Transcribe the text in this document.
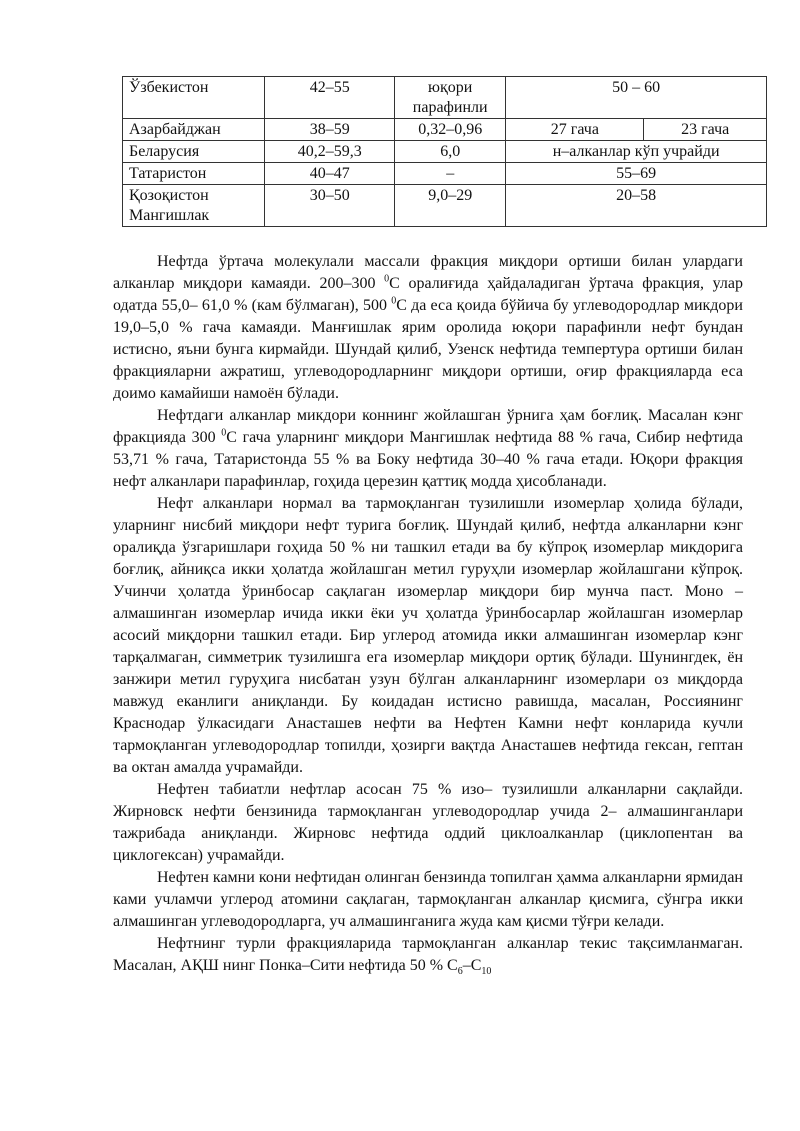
Ўзбекистон	42–55	юқори парафинли	50 – 60	
Азарбайджан	38–59	0,32–0,96	27 гача	23 гача
Беларусия	40,2–59,3	6,0	н–алканлар кўп учрайди	
Татаристон	40–47	–	55–69	
Қозоқистон Мангишлак	30–50	9,0–29	20–58	

Нефтда ўртача молекулали массали фракция миқдори ортиши билан улардаги алканлар миқдори камаяди. 200–300 $^0$С оралиғида ҳайдаладиган ўртача фракция, улар одатда 55,0– 61,0 % (кам бўлмаган), 500 $^0$С да еса қоида бўйича бу углеводородлар микдори 19,0–5,0 % гача камаяди. Манғишлак ярим оролида юқори парафинли нефт бундан истисно, яъни бунга кирмайди. Шундай қилиб, Узенск нефтида темпертура ортиши билан фракцияларни ажратиш, углеводородларнинг миқдори ортиши, оғир фракцияларда еса доимо камайиши намоён бўлади.

Нефтдаги алканлар микдори коннинг жойлашган ўрнига ҳам боғлиқ. Масалан кэнг фракцияда 300 $^0$С гача уларнинг миқдори Мангишлак нефтида 88 % гача, Сибир нефтида 53,71 % гача, Татаристонда 55 % ва Боку нефтида 30–40 % гача етади. Юқори фракция нефт алканлари парафинлар, гоҳида церезин қаттиқ модда ҳисобланади.

Нефт алканлари нормал ва тармоқланган тузилишли изомерлар ҳолида бўлади, уларнинг нисбий миқдори нефт турига боғлиқ. Шундай қилиб, нефтда алканларни кэнг оралиқда ўзгаришлари гоҳида 50 % ни ташкил етади ва бу кўпроқ изомерлар микдорига боғлиқ, айниқса икки ҳолатда жойлашган метил гуруҳли изомерлар жойлашгани кўпроқ. Учинчи ҳолатда ўринбосар сақлаган изомерлар миқдори бир мунча паст. Моно – алмашинган изомерлар ичида икки ёки уч ҳолатда ўринбосарлар жойлашган изомерлар асосий миқдорни ташкил етади. Бир углерод атомида икки алмашинган изомерлар кэнг тарқалмаган, симметрик тузилишга ега изомерлар миқдори ортиқ бўлади. Шунингдек, ён занжири метил гуруҳига нисбатан узун бўлган алканларнинг изомерлари оз миқдорда мавжуд еканлиги аниқланди. Бу коидадан истисно равишда, масалан, Россиянинг Краснодар ўлкасидаги Анасташев нефти ва Нефтен Камни нефт конларида кучли тармоқланган углеводородлар топилди, ҳозирги вақтда Анасташев нефтида гексан, гептан ва октан амалда учрамайди.

Нефтен табиатли нефтлар асосан 75 % изо– тузилишли алканларни сақлайди. Жирновск нефти бензинида тармоқланган углеводородлар учида 2– алмашинганлари тажрибада аниқланди. Жирновс нефтида оддий циклоалканлар (циклопентан ва циклогексан) учрамайди.

Нефтен камни кони нефтидан олинган бензинда топилган ҳамма алканларни ярмидан ками учламчи углерод атомини сақлаган, тармоқланган алканлар қисмига, сўнгра икки алмашинган углеводородларга, уч алмашинганига жуда кам қисми тўғри келади.

Нефтнинг турли фракцияларида тармоқланган алканлар текис тақсимланмаган. Масалан, АҚШ нинг Понка–Сити нефтида 50 % $С_6-С_{10}$
